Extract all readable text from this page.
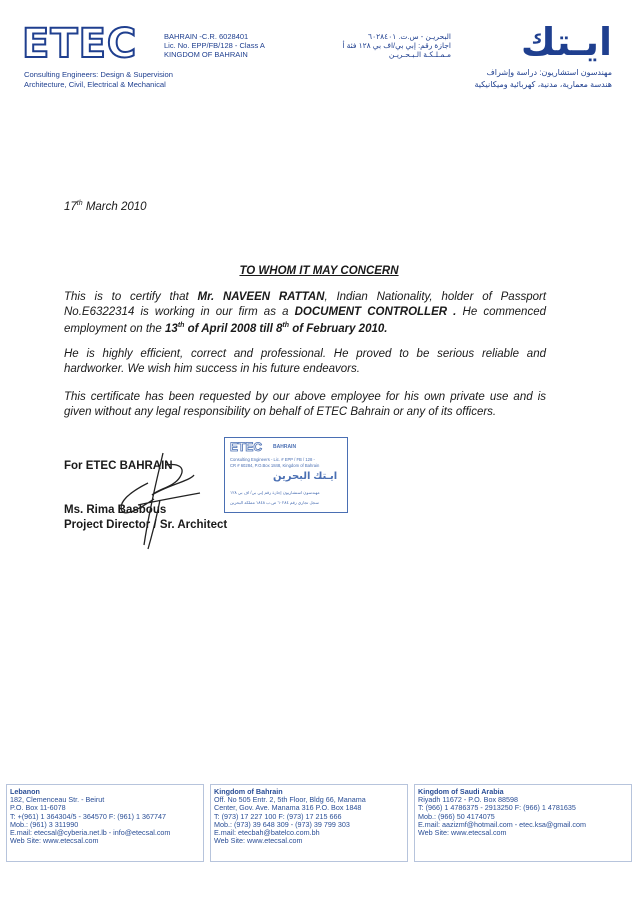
ETEC	BAHRAIN -C.R. 6028401
Lic. No. EPP/FB/128 - Class A
KINGDOM OF BAHRAIN
Consulting Engineers: Design & Supervision
Architecture, Civil, Electrical & Mechanical
البحريـن - س.ت. ٦٠٢٨٤٠١
اجازة رقم: إبي بي/اف بي ١٢٨ فئة أ
مـمـلـكـة الـبـحـريـن	ايـتك
مهندسون استشاريون: دراسة وإشراف
هندسة معمارية، مدنية، كهربائية وميكانيكية
17th March 2010
TO WHOM IT MAY CONCERN
This is to certify that Mr. NAVEEN RATTAN, Indian Nationality, holder of Passport No.E6322314 is working in our firm as a DOCUMENT CONTROLLER . He commenced employment on the 13th of April 2008 till 8th of February 2010.
He is highly efficient, correct and professional. He proved to be serious reliable and hardworker. We wish him success in his future endeavors.
This certificate has been requested by our above employee for his own private use and is given without any legal responsibility on behalf of ETEC Bahrain or any of its officers.
For ETEC BAHRAIN
Ms. Rima Basbous
Project Director / Sr. Architect
ETEC BAHRAIN
Consulting Engineers - Lic. # EPP / FB / 128 -
CR # 60284, P.O.Box 1848, Kingdom of Bahrain
ايـتك البحرين
مهندسون استشاريون إجازة رقم إبي بي/ اف بي ١٢٨
سجل تجاري رقم ٦٠٢٨٤ ص.ب ١٨٤٨ مملكة البحرين
Lebanon
182, Clemenceau Str. - Beirut
P.O. Box 11-6078
T: +(961) 1 364304/5 - 364570 F: (961) 1 367747
Mob.: (961) 3 311990
E.mail: etecsal@cyberia.net.lb - info@etecsal.com
Web Site: www.etecsal.com
Kingdom of Bahrain
Off. No 505 Entr. 2, 5th Floor, Bldg 66, Manama
Center, Gov. Ave. Manama 316 P.O. Box 1848
T: (973) 17 227 100 F: (973) 17 215 666
Mob.: (973) 39 648 309 - (973) 39 799 303
E.mail: etecbah@batelco.com.bh
Web Site: www.etecsal.com
Kingdom of Saudi Arabia
Riyadh 11672 - P.O. Box 88598
T: (966) 1 4786375 - 2913250 F: (966) 1 4781635
Mob.: (966) 50 4174075
E.mail: aazizmf@hotmail.com - etec.ksa@gmail.com
Web Site: www.etecsal.com
